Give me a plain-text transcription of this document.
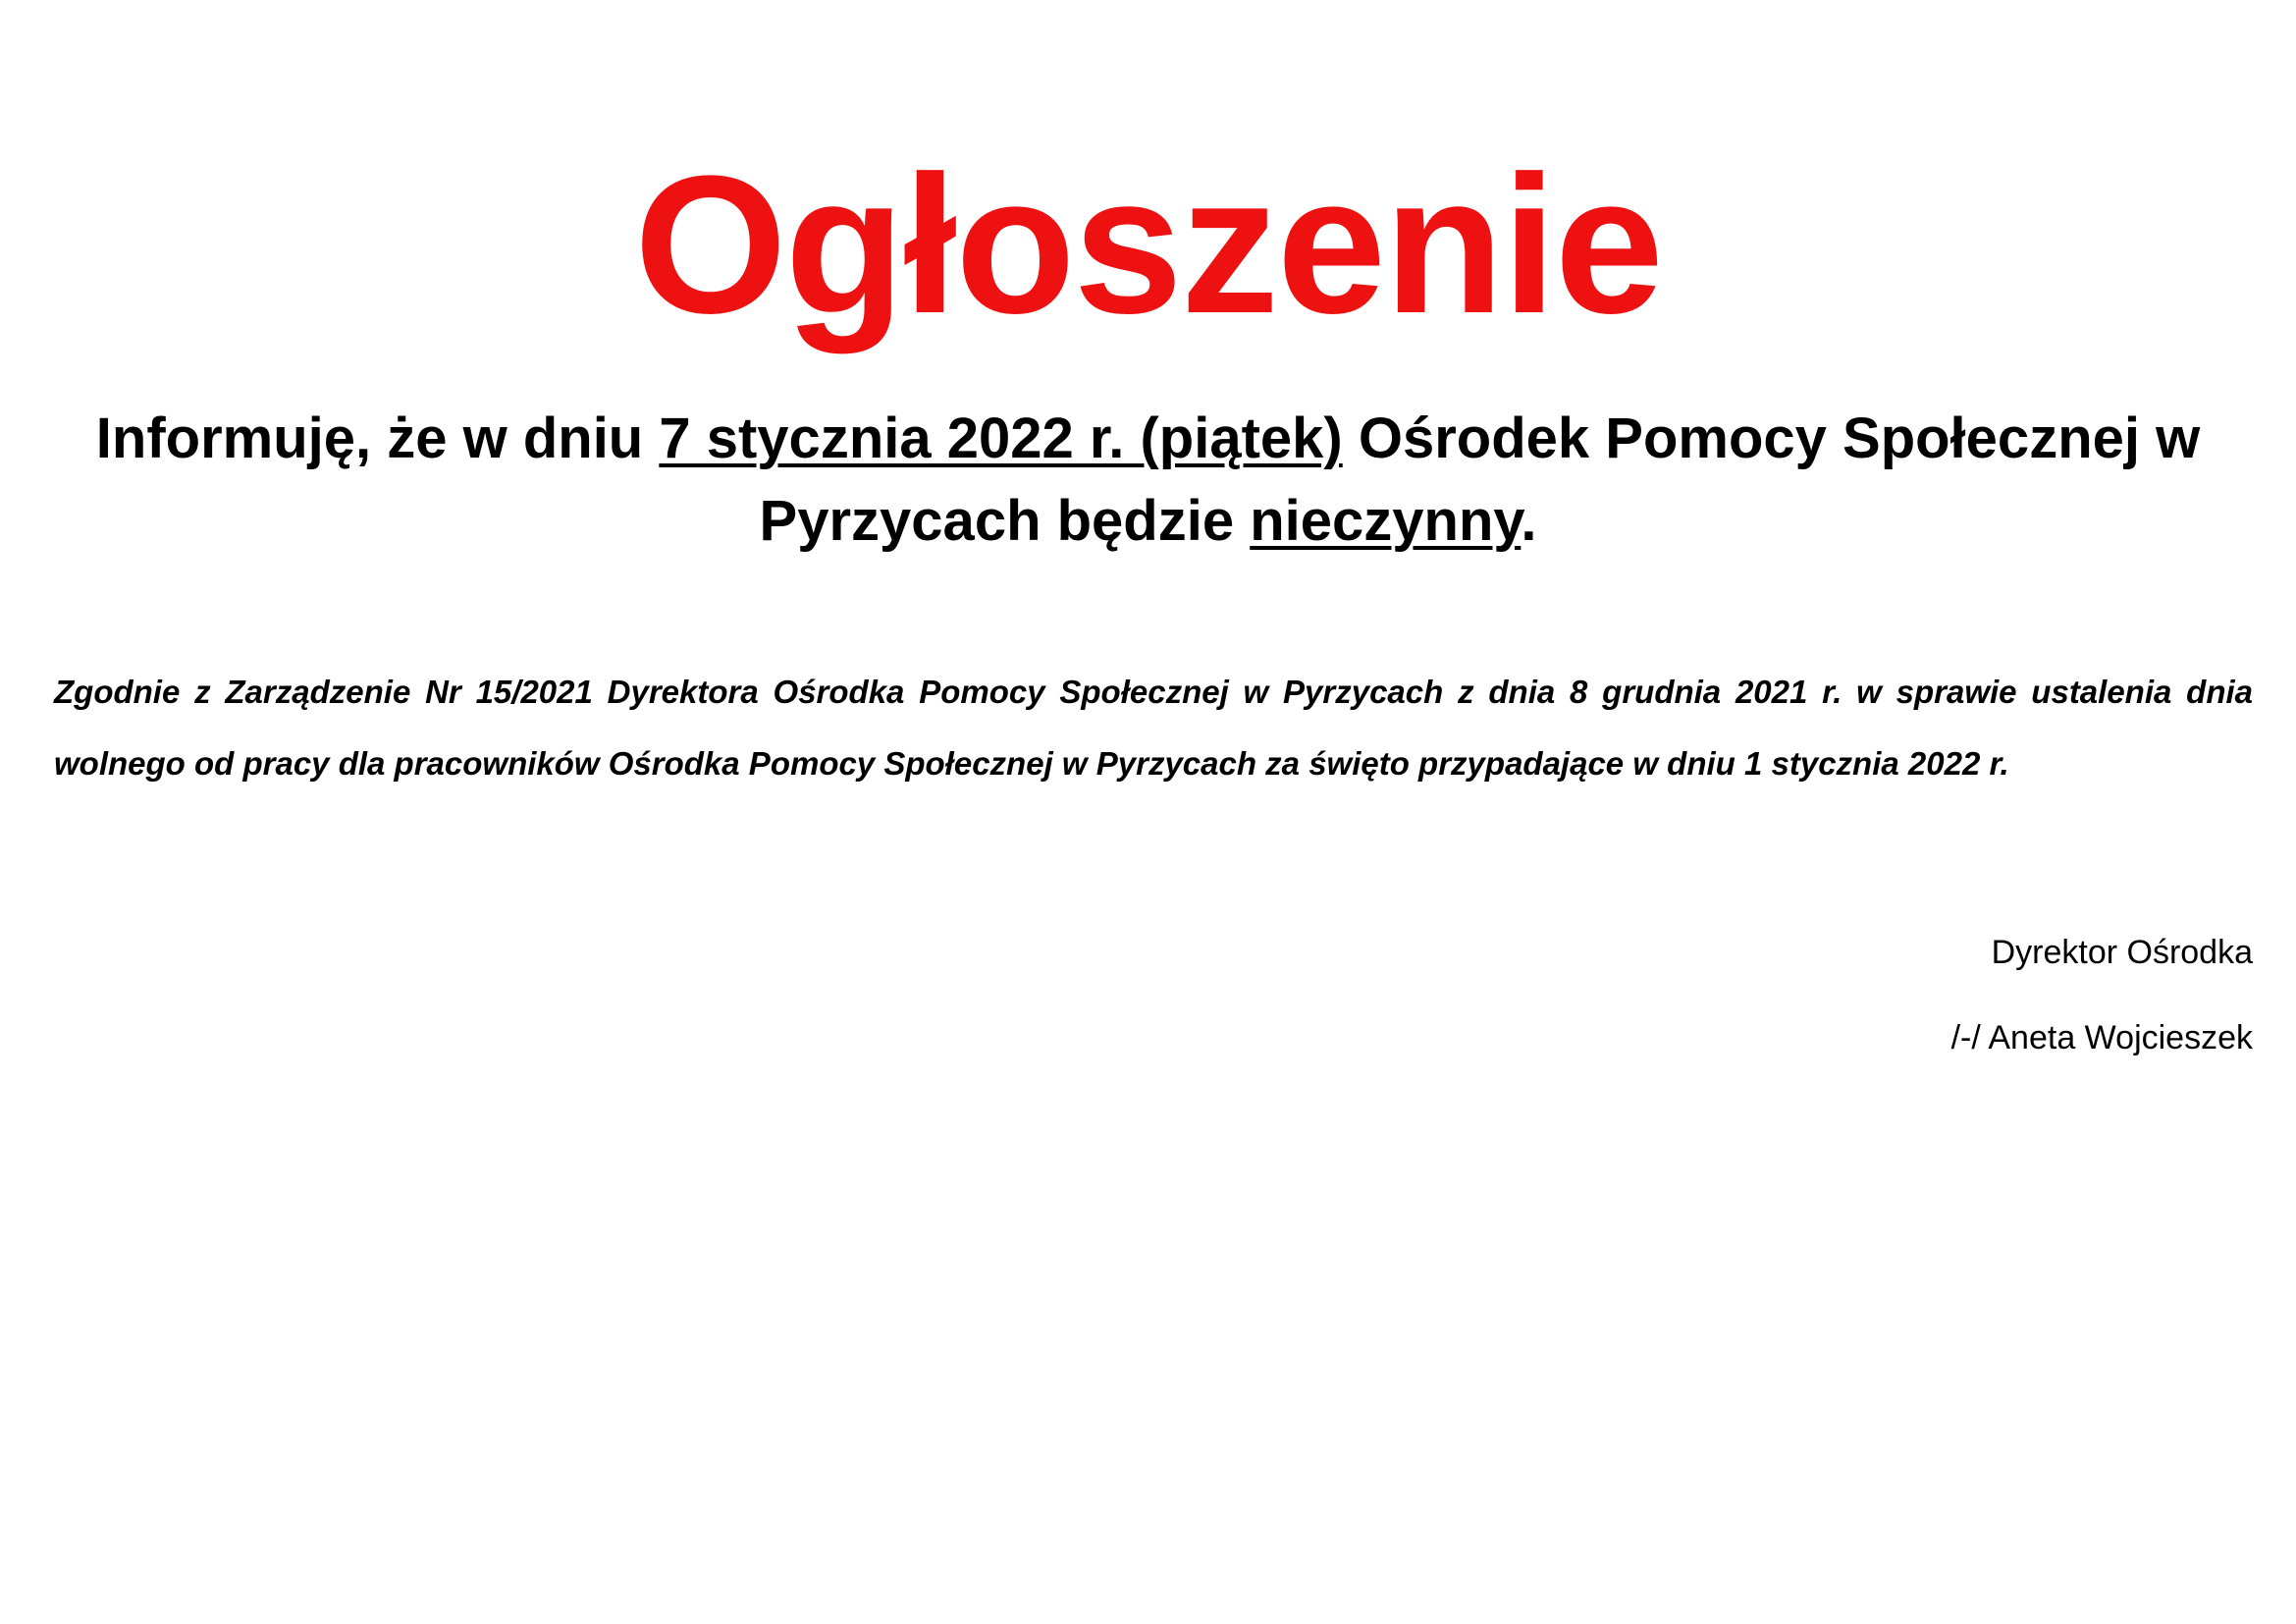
Ogłoszenie
Informuję, że w dniu 7 stycznia 2022 r. (piątek) Ośrodek Pomocy Społecznej w Pyrzycach będzie nieczynny.
Zgodnie z Zarządzenie Nr 15/2021 Dyrektora Ośrodka Pomocy Społecznej w Pyrzycach z dnia 8 grudnia 2021 r. w sprawie ustalenia dnia wolnego od pracy dla pracowników Ośrodka Pomocy Społecznej w Pyrzycach za święto przypadające w dniu 1 stycznia 2022 r.
Dyrektor Ośrodka
/-/ Aneta Wojcieszek
